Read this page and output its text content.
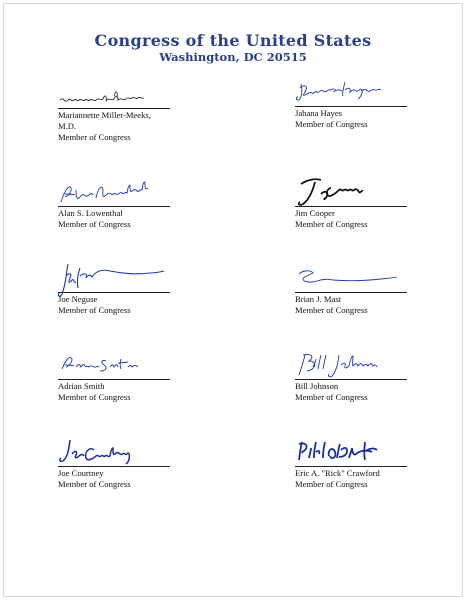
Congress of the United States
Washington, DC 20515
Mariannette Miller-Meeks,
M.D.
Member of Congress
Jahana Hayes
Member of Congress
Alan S. Lowenthal
Member of Congress
Jim Cooper
Member of Congress
Joe Neguse
Member of Congress
Brian J. Mast
Member of Congress
Adrian Smith
Member of Congress
Bill Johnson
Member of Congress
Joe Courtney
Member of Congress
Eric A. "Rick" Crawford
Member of Congress
